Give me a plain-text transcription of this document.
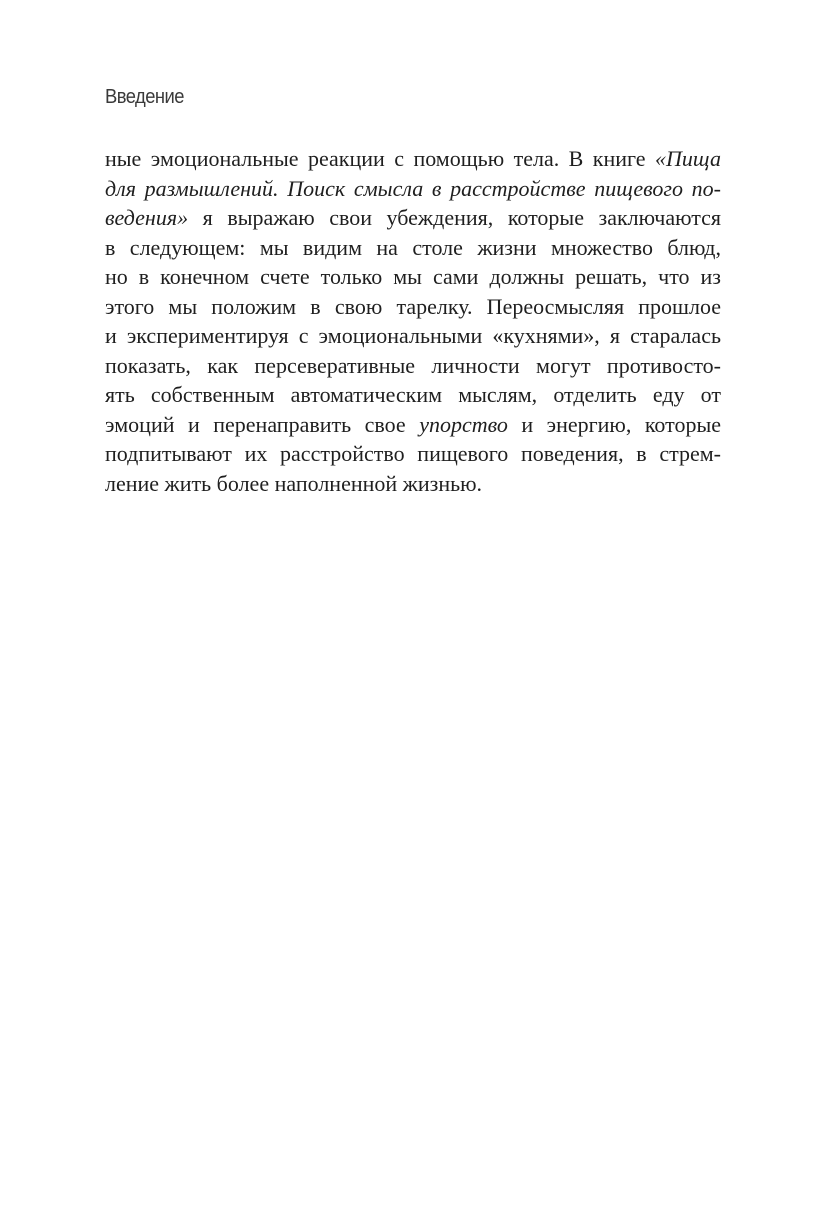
Введение
ные эмоциональные реакции с помощью тела. В книге «Пища
для размышлений. Поиск смысла в расстройстве пищевого по-
ведения» я выражаю свои убеждения, которые заключаются
в следующем: мы видим на столе жизни множество блюд,
но в конечном счете только мы сами должны решать, что из
этого мы положим в свою тарелку. Переосмысляя прошлое
и экспериментируя с эмоциональными «кухнями», я старалась
показать, как персеверативные личности могут противосто-
ять собственным автоматическим мыслям, отделить еду от
эмоций и перенаправить свое упорство и энергию, которые
подпитывают их расстройство пищевого поведения, в стрем-
ление жить более наполненной жизнью.
